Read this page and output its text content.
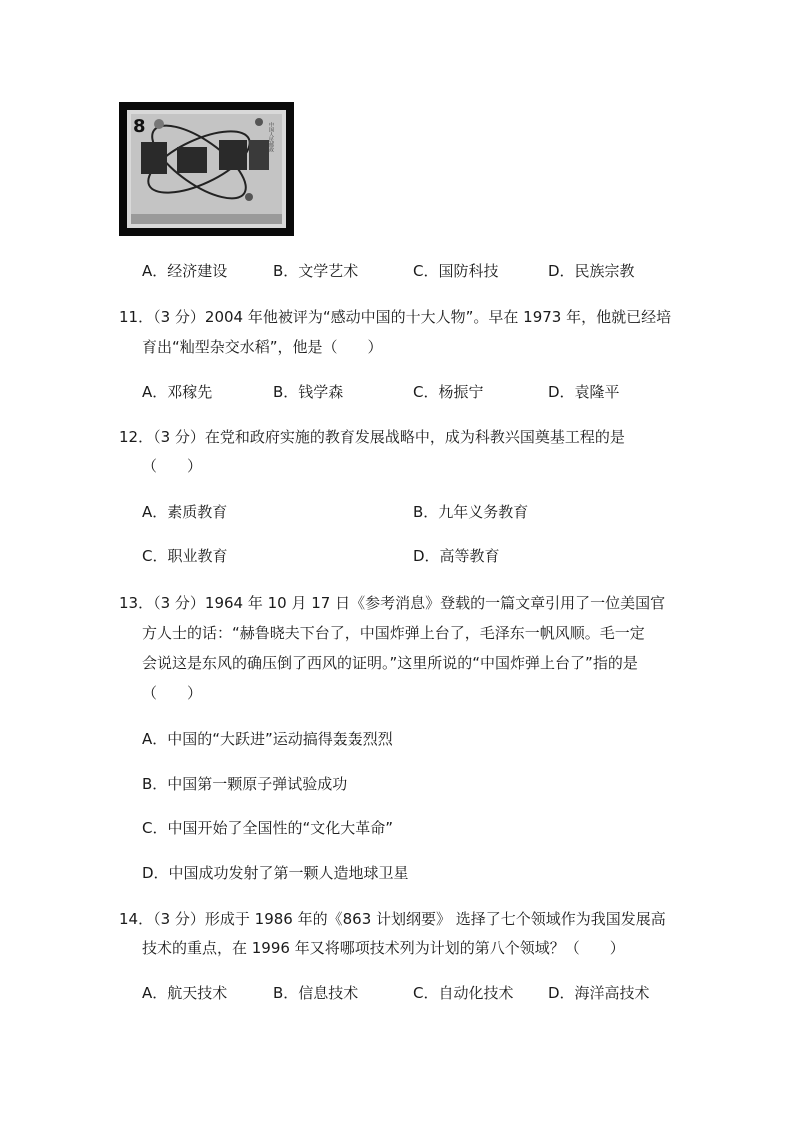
8	中国人民邮政
A．经济建设	B．文学艺术	C．国防科技	D．民族宗教
11．（3 分）2004 年他被评为“感动中国的十大人物”。早在 1973 年，他就已经培
育出“籼型杂交水稻”，他是（　　）
A．邓稼先	B．钱学森	C．杨振宁	D．袁隆平
12．（3 分）在党和政府实施的教育发展战略中，成为科教兴国奠基工程的是
（　　）
A．素质教育	B．九年义务教育
C．职业教育	D．高等教育
13．（3 分）1964 年 10 月 17 日《参考消息》登载的一篇文章引用了一位美国官
方人士的话：“赫鲁晓夫下台了，中国炸弹上台了，毛泽东一帆风顺。毛一定
会说这是东风的确压倒了西风的证明。”这里所说的“中国炸弹上台了”指的是
（　　）
A．中国的“大跃进”运动搞得轰轰烈烈
B．中国第一颗原子弹试验成功
C．中国开始了全国性的“文化大革命”
D．中国成功发射了第一颗人造地球卫星
14．（3 分）形成于 1986 年的《863 计划纲要》 选择了七个领域作为我国发展高
技术的重点，在 1996 年又将哪项技术列为计划的第八个领域？（　　）
A．航天技术	B．信息技术	C．自动化技术 D．海洋高技术
